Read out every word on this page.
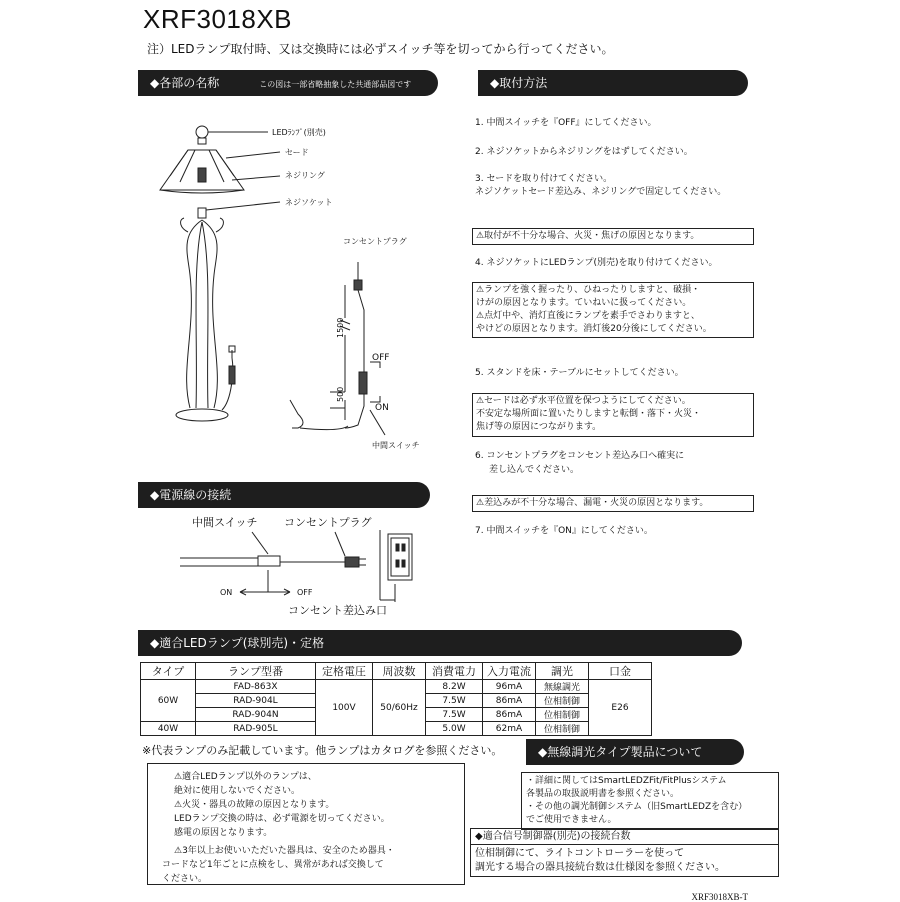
XRF3018XB
注）LEDランプ取付時、又は交換時には必ずスイッチ等を切ってから行ってください。
◆各部の名称	この図は一部省略抽象した共通部品図です	◆取付方法
◆電源線の接続
◆適合LEDランプ(球別売)・定格
◆無線調光タイプ製品について
LEDﾗﾝﾌﾟ(別売)
セード
ネジリング
ネジソケット
コンセントプラグ
1500
500
OFF
ON
中間スイッチ
1. 中間スイッチを『OFF』にしてください。
2. ネジソケットからネジリングをはずしてください。
3. セードを取り付けてください。
ネジソケットセード差込み、ネジリングで固定してください。
⚠取付が不十分な場合、火災・焦げの原因となります。
4. ネジソケットにLEDランプ(別売)を取り付けてください。
⚠ランプを強く握ったり、ひねったりしますと、破損・
けがの原因となります。ていねいに扱ってください。
⚠点灯中や、消灯直後にランプを素手でさわりますと、
やけどの原因となります。消灯後20分後にしてください。
5. スタンドを床・テーブルにセットしてください。
⚠セードは必ず水平位置を保つようにしてください。
不安定な場所面に置いたりしますと転倒・落下・火災・
焦げ等の原因につながります。
6. コンセントプラグをコンセント差込み口へ確実に
差し込んでください。
⚠差込みが不十分な場合、漏電・火災の原因となります。
7. 中間スイッチを『ON』にしてください。
中間スイッチ コンセントプラグ
ON	OFF
コンセント差込み口
タイプ	ランプ型番	定格電圧	周波数	消費電力	入力電流	調光	口金
60W	FAD-863X	100V	50/60Hz	8.2W	96mA	無線調光	E26
	RAD-904L			7.5W	86mA	位相制御	
	RAD-904N			7.5W	86mA	位相制御	
40W	RAD-905L			5.0W	62mA	位相制御	
※代表ランプのみ記載しています。他ランプはカタログを参照ください。
⚠適合LEDランプ以外のランプは、
絶対に使用しないでください。
⚠火災・器具の故障の原因となります。
LEDランプ交換の時は、必ず電源を切ってください。
感電の原因となります。
⚠3年以上お使いいただいた器具は、安全のため器具・
コードなど1年ごとに点検をし、異常があれば交換して
ください。
・詳細に関してはSmartLEDZFit/FitPlusシステム
各製品の取扱説明書を参照ください。
・その他の調光制御システム（旧SmartLEDZを含む）
でご使用できません。
◆適合信号制御器(別売)の接続台数
位相制御にて、ライトコントローラーを使って
調光する場合の器具接続台数は仕様図を参照ください。
XRF3018XB-T
